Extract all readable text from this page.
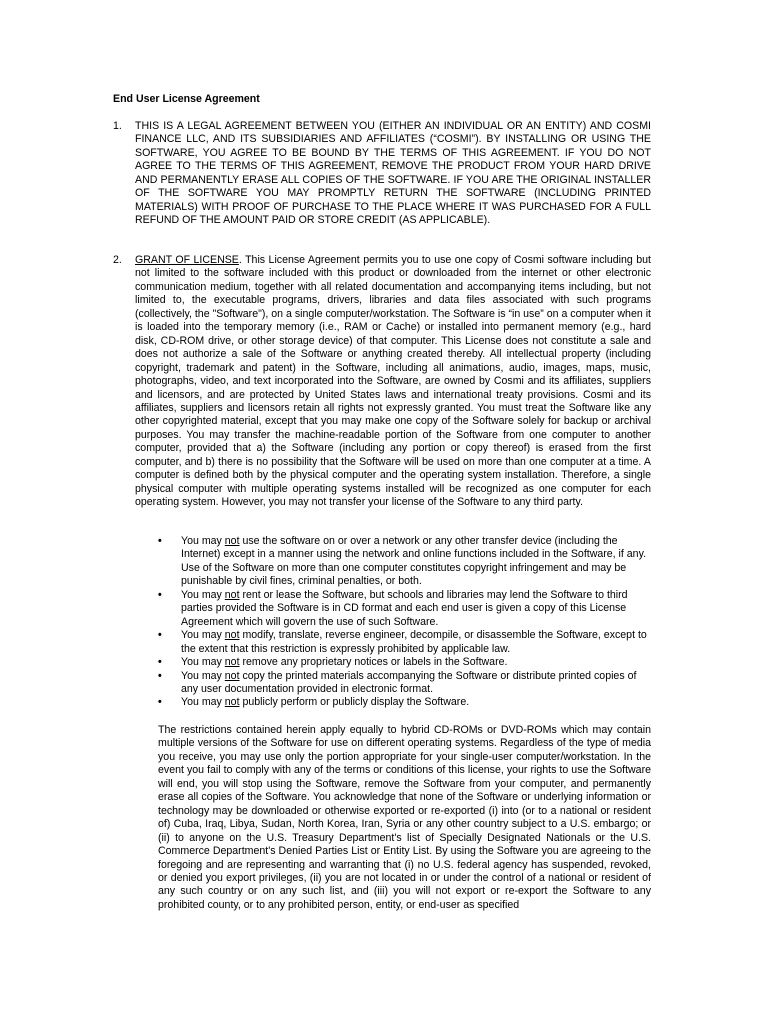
End User License Agreement
1. THIS IS A LEGAL AGREEMENT BETWEEN YOU (EITHER AN INDIVIDUAL OR AN ENTITY) AND COSMI FINANCE LLC, AND ITS SUBSIDIARIES AND AFFILIATES (“COSMI”). BY INSTALLING OR USING THE SOFTWARE, YOU AGREE TO BE BOUND BY THE TERMS OF THIS AGREEMENT. IF YOU DO NOT AGREE TO THE TERMS OF THIS AGREEMENT, REMOVE THE PRODUCT FROM YOUR HARD DRIVE AND PERMANENTLY ERASE ALL COPIES OF THE SOFTWARE. IF YOU ARE THE ORIGINAL INSTALLER OF THE SOFTWARE YOU MAY PROMPTLY RETURN THE SOFTWARE (INCLUDING PRINTED MATERIALS) WITH PROOF OF PURCHASE TO THE PLACE WHERE IT WAS PURCHASED FOR A FULL REFUND OF THE AMOUNT PAID OR STORE CREDIT (AS APPLICABLE).
2. GRANT OF LICENSE. This License Agreement permits you to use one copy of Cosmi software including but not limited to the software included with this product or downloaded from the internet or other electronic communication medium, together with all related documentation and accompanying items including, but not limited to, the executable programs, drivers, libraries and data files associated with such programs (collectively, the "Software"), on a single computer/workstation. The Software is “in use” on a computer when it is loaded into the temporary memory (i.e., RAM or Cache) or installed into permanent memory (e.g., hard disk, CD-ROM drive, or other storage device) of that computer. This License does not constitute a sale and does not authorize a sale of the Software or anything created thereby. All intellectual property (including copyright, trademark and patent) in the Software, including all animations, audio, images, maps, music, photographs, video, and text incorporated into the Software, are owned by Cosmi and its affiliates, suppliers and licensors, and are protected by United States laws and international treaty provisions. Cosmi and its affiliates, suppliers and licensors retain all rights not expressly granted. You must treat the Software like any other copyrighted material, except that you may make one copy of the Software solely for backup or archival purposes. You may transfer the machine-readable portion of the Software from one computer to another computer, provided that a) the Software (including any portion or copy thereof) is erased from the first computer, and b) there is no possibility that the Software will be used on more than one computer at a time. A computer is defined both by the physical computer and the operating system installation. Therefore, a single physical computer with multiple operating systems installed will be recognized as one computer for each operating system. However, you may not transfer your license of the Software to any third party.
• You may not use the software on or over a network or any other transfer device (including the Internet) except in a manner using the network and online functions included in the Software, if any. Use of the Software on more than one computer constitutes copyright infringement and may be punishable by civil fines, criminal penalties, or both.
• You may not rent or lease the Software, but schools and libraries may lend the Software to third parties provided the Software is in CD format and each end user is given a copy of this License Agreement which will govern the use of such Software.
• You may not modify, translate, reverse engineer, decompile, or disassemble the Software, except to the extent that this restriction is expressly prohibited by applicable law.
• You may not remove any proprietary notices or labels in the Software.
• You may not copy the printed materials accompanying the Software or distribute printed copies of any user documentation provided in electronic format.
• You may not publicly perform or publicly display the Software.

The restrictions contained herein apply equally to hybrid CD-ROMs or DVD-ROMs which may contain multiple versions of the Software for use on different operating systems. Regardless of the type of media you receive, you may use only the portion appropriate for your single-user computer/workstation. In the event you fail to comply with any of the terms or conditions of this license, your rights to use the Software will end, you will stop using the Software, remove the Software from your computer, and permanently erase all copies of the Software. You acknowledge that none of the Software or underlying information or technology may be downloaded or otherwise exported or re-exported (i) into (or to a national or resident of) Cuba, Iraq, Libya, Sudan, North Korea, Iran, Syria or any other country subject to a U.S. embargo; or (ii) to anyone on the U.S. Treasury Department's list of Specially Designated Nationals or the U.S. Commerce Department's Denied Parties List or Entity List. By using the Software you are agreeing to the foregoing and are representing and warranting that (i) no U.S. federal agency has suspended, revoked, or denied you export privileges, (ii) you are not located in or under the control of a national or resident of any such country or on any such list, and (iii) you will not export or re-export the Software to any prohibited county, or to any prohibited person, entity, or end-user as specified
